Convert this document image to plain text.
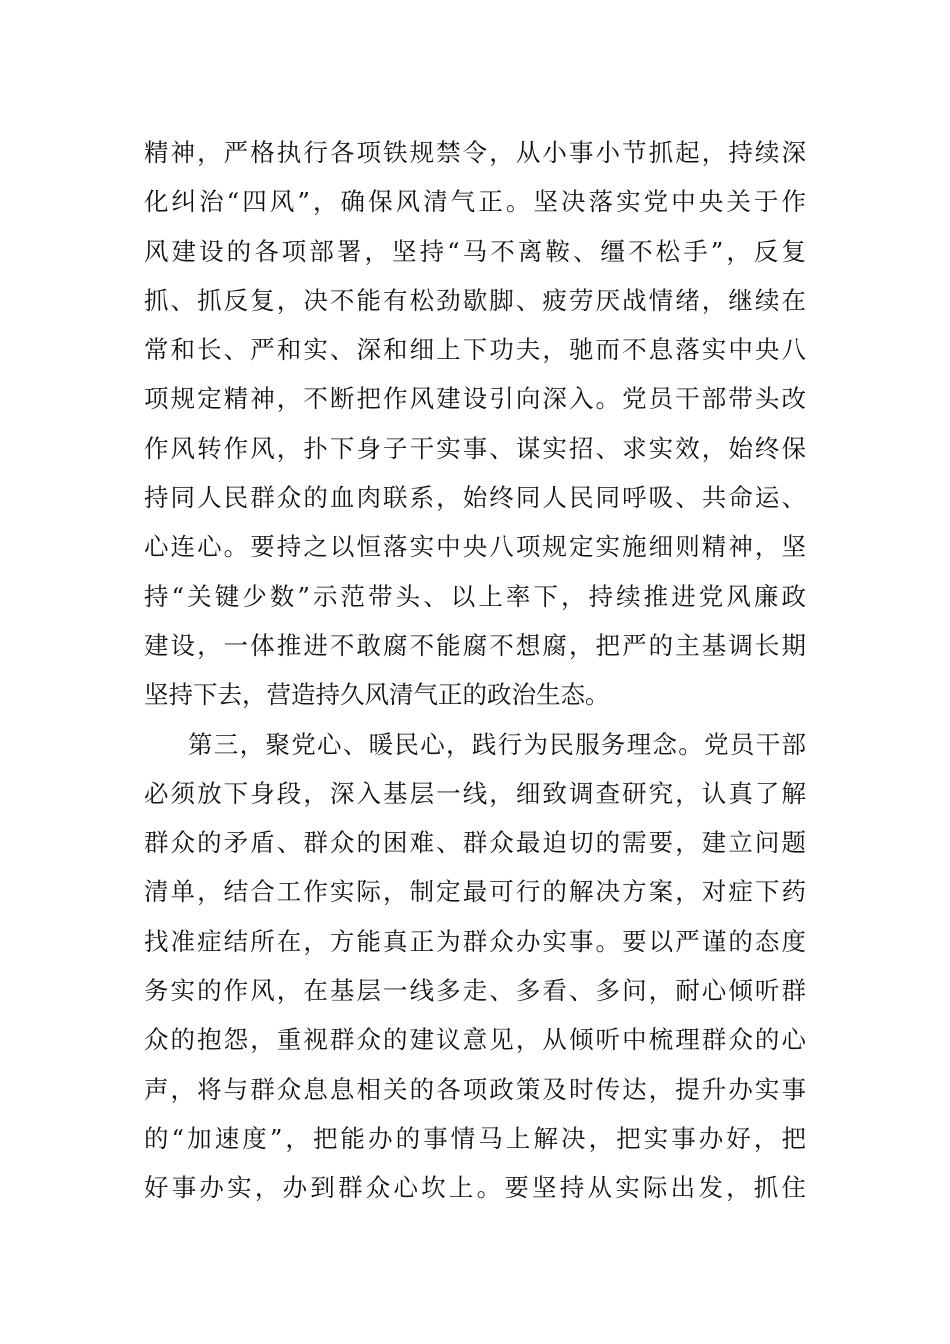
精神，严格执行各项铁规禁令，从小事小节抓起，持续深
化纠治“四风”，确保风清气正。坚决落实党中央关于作
风建设的各项部署，坚持“马不离鞍、缰不松手”，反复
抓、抓反复，决不能有松劲歇脚、疲劳厌战情绪，继续在
常和长、严和实、深和细上下功夫，驰而不息落实中央八
项规定精神，不断把作风建设引向深入。党员干部带头改
作风转作风，扑下身子干实事、谋实招、求实效，始终保
持同人民群众的血肉联系，始终同人民同呼吸、共命运、
心连心。要持之以恒落实中央八项规定实施细则精神，坚
持“关键少数”示范带头、以上率下，持续推进党风廉政
建设，一体推进不敢腐不能腐不想腐，把严的主基调长期
坚持下去，营造持久风清气正的政治生态。
第三，聚党心、暖民心，践行为民服务理念。党员干部
必须放下身段，深入基层一线，细致调查研究，认真了解
群众的矛盾、群众的困难、群众最迫切的需要，建立问题
清单，结合工作实际，制定最可行的解决方案，对症下药
找准症结所在，方能真正为群众办实事。要以严谨的态度
务实的作风，在基层一线多走、多看、多问，耐心倾听群
众的抱怨，重视群众的建议意见，从倾听中梳理群众的心
声，将与群众息息相关的各项政策及时传达，提升办实事
的“加速度”，把能办的事情马上解决，把实事办好，把
好事办实，办到群众心坎上。要坚持从实际出发，抓住
